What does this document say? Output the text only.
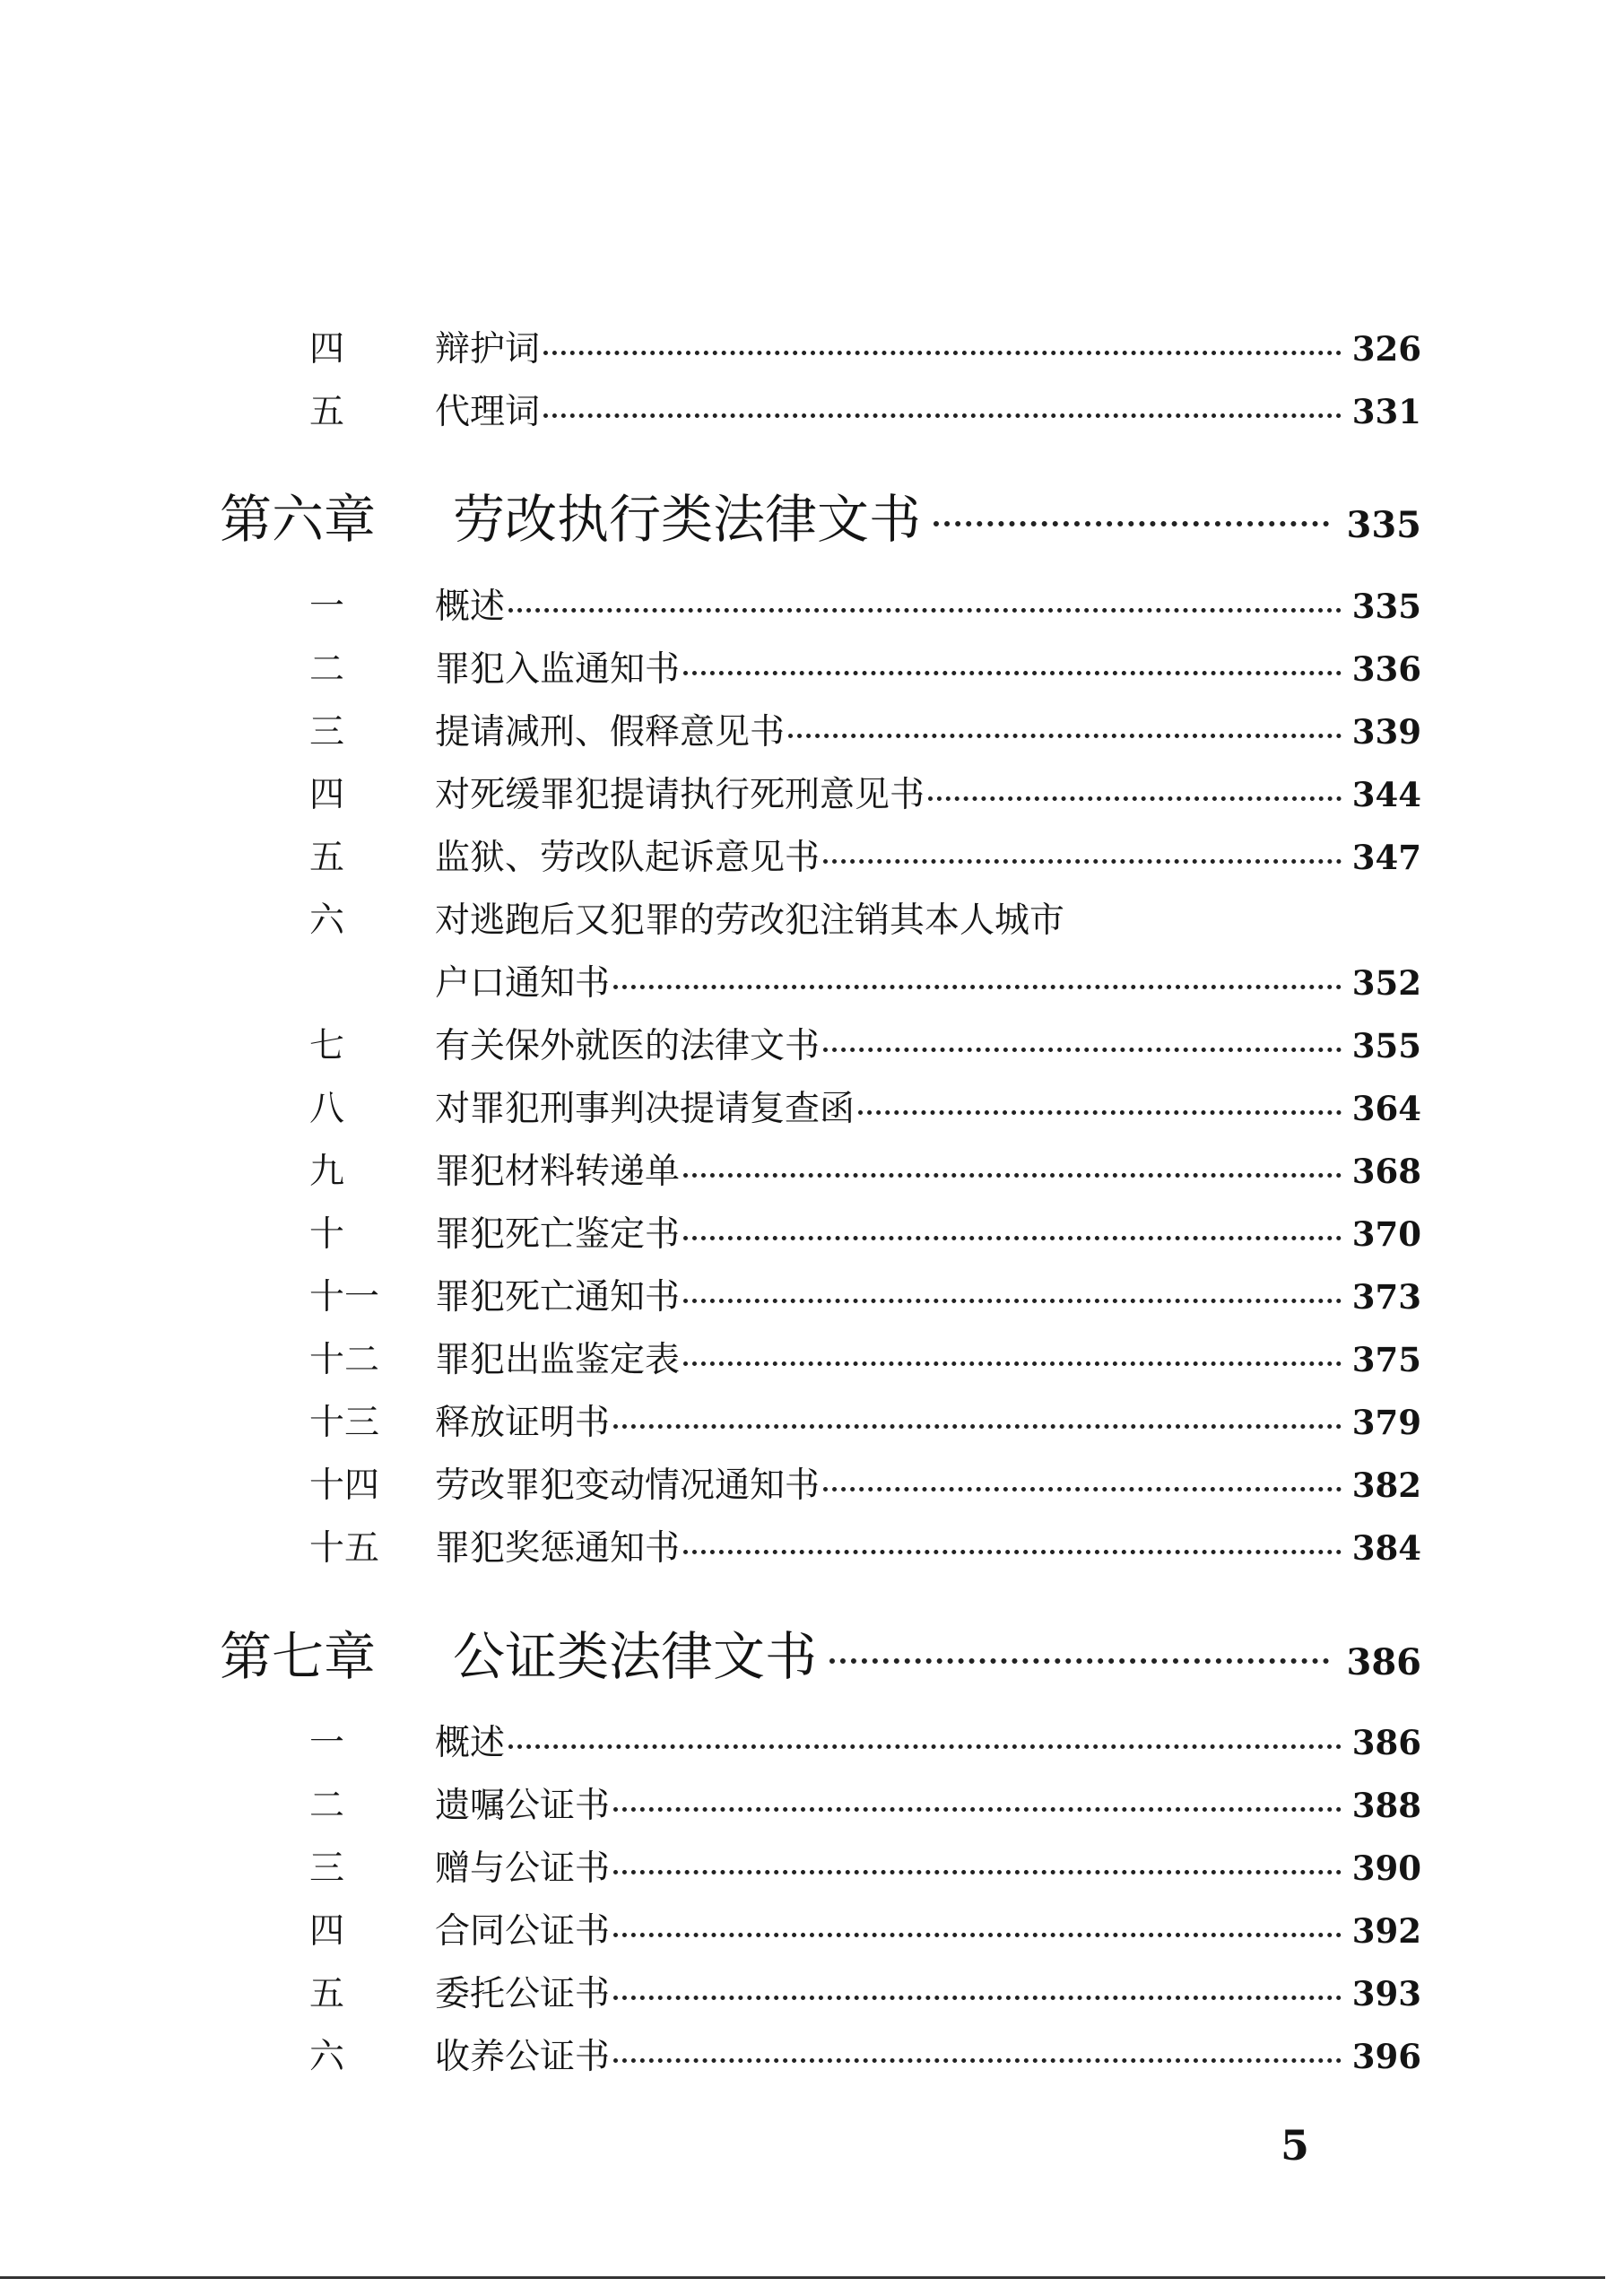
四	辩护词	326
五	代理词	331
第六章	劳改执行类法律文书	335
一	概述	335
二	罪犯入监通知书	336
三	提请减刑、假释意见书	339
四	对死缓罪犯提请执行死刑意见书	344
五	监狱、劳改队起诉意见书	347
六	对逃跑后又犯罪的劳改犯注销其本人城市
户口通知书	352
七	有关保外就医的法律文书	355
八	对罪犯刑事判决提请复查函	364
九	罪犯材料转递单	368
十	罪犯死亡鉴定书	370
十一	罪犯死亡通知书	373
十二	罪犯出监鉴定表	375
十三	释放证明书	379
十四	劳改罪犯变动情况通知书	382
十五	罪犯奖惩通知书	384
第七章	公证类法律文书	386
一	概述	386
二	遗嘱公证书	388
三	赠与公证书	390
四	合同公证书	392
五	委托公证书	393
六	收养公证书	396
5
